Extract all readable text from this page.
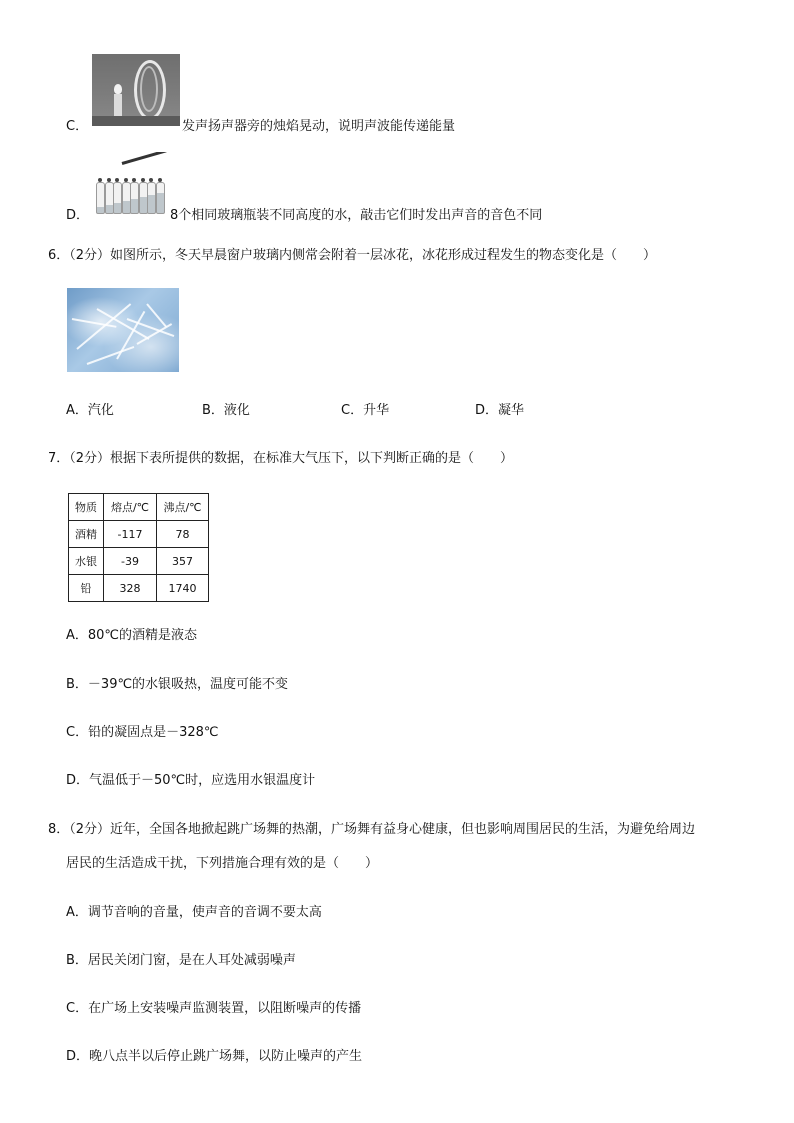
C．	发声扬声器旁的烛焰晃动，说明声波能传递能量
D．	8个相同玻璃瓶装不同高度的水，敲击它们时发出声音的音色不同
6．（2分）如图所示，冬天早晨窗户玻璃内侧常会附着一层冰花，冰花形成过程发生的物态变化是（　　）
A．汽化	B．液化	C．升华	D．凝华
7．（2分）根据下表所提供的数据，在标准大气压下，以下判断正确的是（　　）
物质	熔点/℃	沸点/℃
酒精	-117	78
水银	-39	357
铅	328	1740
A．80℃的酒精是液态
B．－39℃的水银吸热，温度可能不变
C．铅的凝固点是－328℃
D．气温低于－50℃时，应选用水银温度计
8．（2分）近年，全国各地掀起跳广场舞的热潮，广场舞有益身心健康，但也影响周围居民的生活，为避免给周边
居民的生活造成干扰，下列措施合理有效的是（　　）
A．调节音响的音量，使声音的音调不要太高
B．居民关闭门窗，是在人耳处减弱噪声
C．在广场上安装噪声监测装置，以阻断噪声的传播
D．晚八点半以后停止跳广场舞，以防止噪声的产生
